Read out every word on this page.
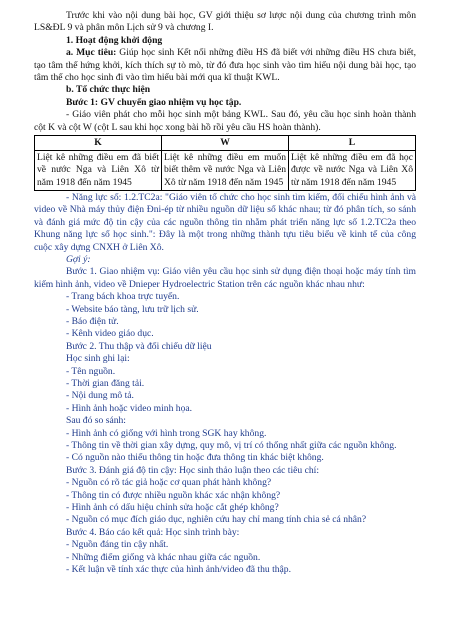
Trước khi vào nội dung bài học, GV giới thiệu sơ lược nội dung của chương trình môn LS&ĐL 9 và phân môn Lịch sử 9 và chương I.

1. Hoạt động khởi động

a. Mục tiêu: Giúp học sinh Kết nối những điều HS đã biết với những điều HS chưa biết, tạo tâm thế hứng khởi, kích thích sự tò mò, từ đó đưa học sinh vào tìm hiểu nội dung bài học, tạo tâm thế cho học sinh đi vào tìm hiểu bài mới qua kĩ thuật KWL.

b. Tổ chức thực hiện

Bước 1: GV chuyển giao nhiệm vụ học tập.

- Giáo viên phát cho mỗi học sinh một bảng KWL. Sau đó, yêu cầu học sinh hoàn thành cột K và cột W (cột L sau khi học xong bài hồ rồi yêu cầu HS hoàn thành).

K	W	L
Liệt kê những điều em đã biết về nước Nga và Liên Xô từ năm 1918 đến năm 1945	Liệt kê những điều em muốn biết thêm về nước Nga và Liên Xô từ năm 1918 đến năm 1945	Liệt kê những điều em đã học được về nước Nga và Liên Xô từ năm 1918 đến năm 1945

- Năng lực số: 1.2.TC2a: "Giáo viên tổ chức cho học sinh tìm kiếm, đối chiếu hình ảnh và video về Nhà máy thủy điện Đni-ép từ nhiều nguồn dữ liệu số khác nhau; từ đó phân tích, so sánh và đánh giá mức độ tin cậy của các nguồn thông tin nhằm phát triển năng lực số 1.2.TC2a theo Khung năng lực số học sinh.": Đây là một trong những thành tựu tiêu biểu về kinh tế của công cuộc xây dựng CNXH ở Liên Xô.

Gợi ý:

Bước 1. Giao nhiệm vụ: Giáo viên yêu cầu học sinh sử dụng điện thoại hoặc máy tính tìm kiếm hình ảnh, video về Dnieper Hydroelectric Station trên các nguồn khác nhau như:

- Trang bách khoa trực tuyến.

- Website báo tàng, lưu trữ lịch sử.

- Báo điện tử.

- Kênh video giáo dục.

Bước 2. Thu thập và đối chiếu dữ liệu

Học sinh ghi lại:

- Tên nguồn.

- Thời gian đăng tải.

- Nội dung mô tả.

- Hình ảnh hoặc video minh họa.

Sau đó so sánh:

- Hình ảnh có giống với hình trong SGK hay không.

- Thông tin về thời gian xây dựng, quy mô, vị trí có thống nhất giữa các nguồn không.

- Có nguồn nào thiếu thông tin hoặc đưa thông tin khác biệt không.

Bước 3. Đánh giá độ tin cậy: Học sinh thảo luận theo các tiêu chí:

- Nguồn có rõ tác giả hoặc cơ quan phát hành không?

- Thông tin có được nhiều nguồn khác xác nhận không?

- Hình ảnh có dấu hiệu chỉnh sửa hoặc cắt ghép không?

- Nguồn có mục đích giáo dục, nghiên cứu hay chỉ mang tính chia sẻ cá nhân?

Bước 4. Báo cáo kết quả: Học sinh trình bày:

- Nguồn đáng tin cậy nhất.

- Những điểm giống và khác nhau giữa các nguồn.

- Kết luận về tính xác thực của hình ảnh/video đã thu thập.
